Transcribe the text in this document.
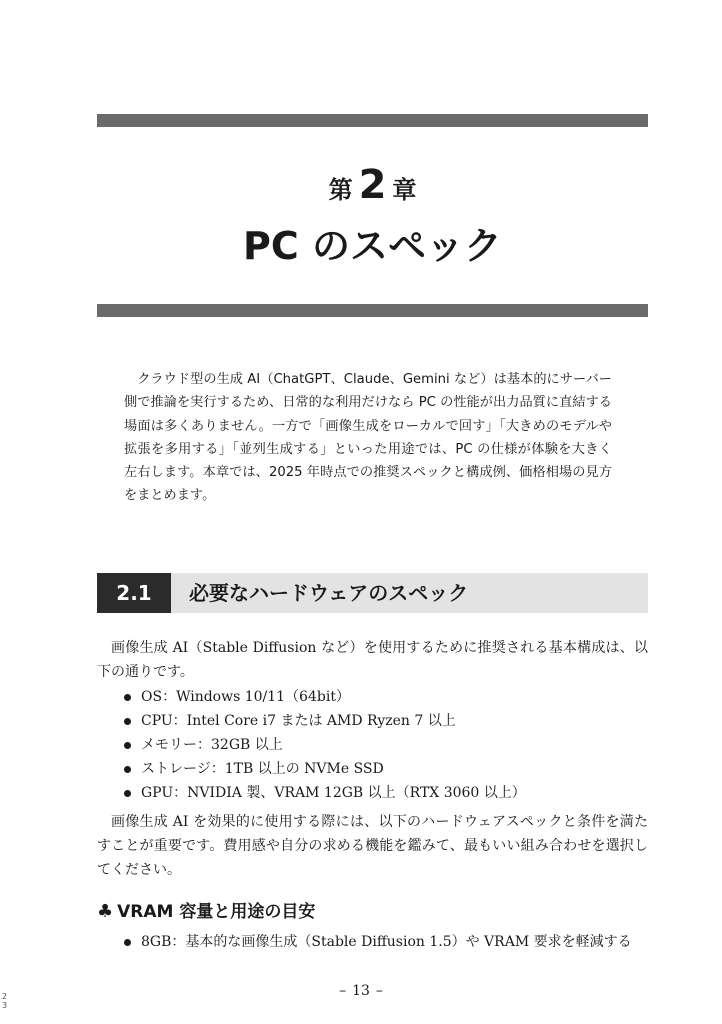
第 2 章
PC のスペック

クラウド型の生成 AI（ChatGPT、Claude、Gemini など）は基本的にサーバー側で推論を実行するため、日常的な利用だけなら PC の性能が出力品質に直結する場面は多くありません。一方で「画像生成をローカルで回す」「大きめのモデルや拡張を多用する」「並列生成する」といった用途では、PC の仕様が体験を大きく左右します。本章では、2025 年時点での推奨スペックと構成例、価格相場の見方をまとめます。

2.1	必要なハードウェアのスペック

画像生成 AI（Stable Diffusion など）を使用するために推奨される基本構成は、以下の通りです。

OS：Windows 10/11（64bit）
CPU：Intel Core i7 または AMD Ryzen 7 以上
メモリー：32GB 以上
ストレージ：1TB 以上の NVMe SSD
GPU：NVIDIA 製、VRAM 12GB 以上（RTX 3060 以上）

画像生成 AI を効果的に使用する際には、以下のハードウェアスペックと条件を満たすことが重要です。費用感や自分の求める機能を鑑みて、最もいい組み合わせを選択してください。

♣ VRAM 容量と用途の目安
8GB：基本的な画像生成（Stable Diffusion 1.5）や VRAM 要求を軽減する
– 13 –
23
